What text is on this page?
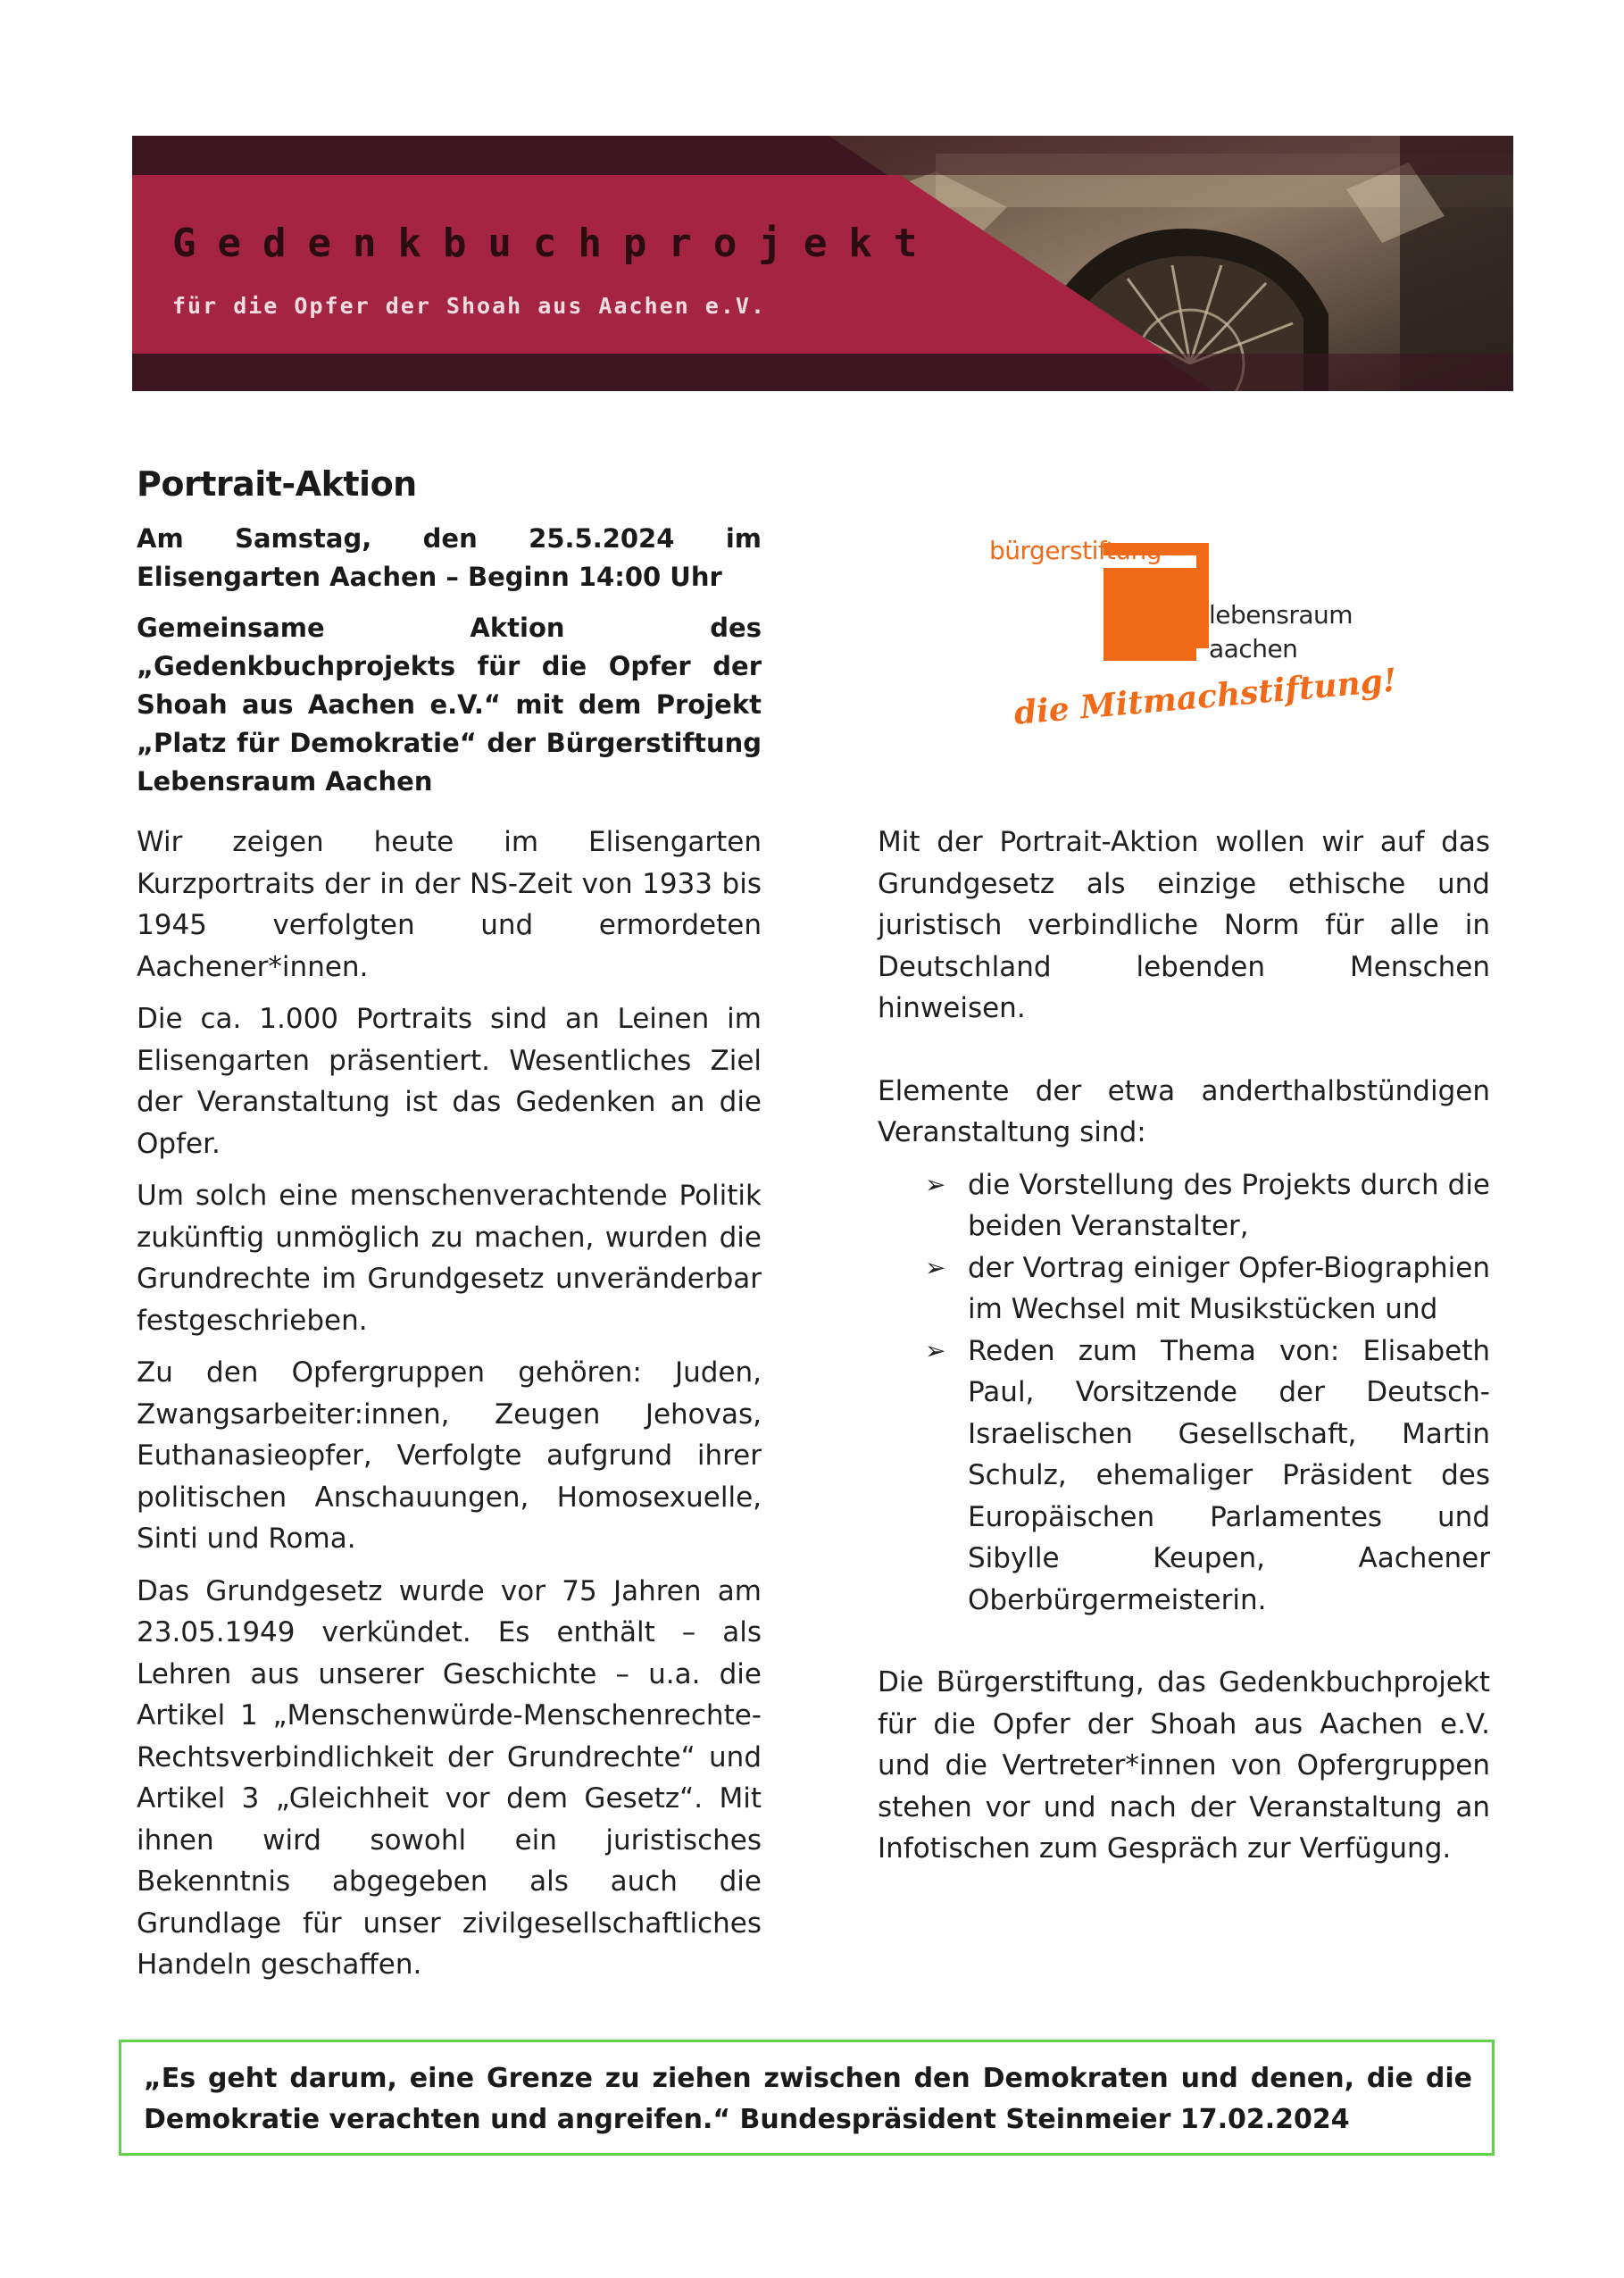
Gedenkbuchprojekt

für die Opfer der Shoah aus Aachen e.V.

Portrait-Aktion

Am Samstag, den 25.5.2024 im Elisengarten Aachen – Beginn 14:00 Uhr

Gemeinsame Aktion des „Gedenkbuchprojekts für die Opfer der Shoah aus Aachen e.V.“ mit dem Projekt „Platz für Demokratie“ der Bürgerstiftung Lebensraum Aachen

bürgerstiftung

lebensraum

aachen

die Mitmachstiftung!

Wir zeigen heute im Elisengarten Kurzportraits der in der NS-Zeit von 1933 bis 1945 verfolgten und ermordeten Aachener*innen.

Die ca. 1.000 Portraits sind an Leinen im Elisengarten präsentiert. Wesentliches Ziel der Veranstaltung ist das Gedenken an die Opfer.

Um solch eine menschenverachtende Politik zukünftig unmöglich zu machen, wurden die Grundrechte im Grundgesetz unveränderbar festgeschrieben.

Zu den Opfergruppen gehören: Juden, Zwangsarbeiter:innen, Zeugen Jehovas, Euthanasieopfer, Verfolgte aufgrund ihrer politischen Anschauungen, Homosexuelle, Sinti und Roma.

Das Grundgesetz wurde vor 75 Jahren am 23.05.1949 verkündet. Es enthält – als Lehren aus unserer Geschichte – u.a. die Artikel 1 „Menschenwürde-Menschenrechte-Rechtsverbindlichkeit der Grundrechte“ und Artikel 3 „Gleichheit vor dem Gesetz“. Mit ihnen wird sowohl ein juristisches Bekenntnis abgegeben als auch die Grundlage für unser zivilgesellschaftliches Handeln geschaffen.

Mit der Portrait-Aktion wollen wir auf das Grundgesetz als einzige ethische und juristisch verbindliche Norm für alle in Deutschland lebenden Menschen hinweisen.

Elemente der etwa anderthalbstündigen Veranstaltung sind:

➢ die Vorstellung des Projekts durch die beiden Veranstalter,
➢ der Vortrag einiger Opfer-Biographien im Wechsel mit Musikstücken und
➢ Reden zum Thema von: Elisabeth Paul, Vorsitzende der Deutsch-Israelischen Gesellschaft, Martin Schulz, ehemaliger Präsident des Europäischen Parlamentes und Sibylle Keupen, Aachener Oberbürgermeisterin.

Die Bürgerstiftung, das Gedenkbuchprojekt für die Opfer der Shoah aus Aachen e.V. und die Vertreter*innen von Opfergruppen stehen vor und nach der Veranstaltung an Infotischen zum Gespräch zur Verfügung.

„Es geht darum, eine Grenze zu ziehen zwischen den Demokraten und denen, die die Demokratie verachten und angreifen.“ Bundespräsident Steinmeier 17.02.2024
